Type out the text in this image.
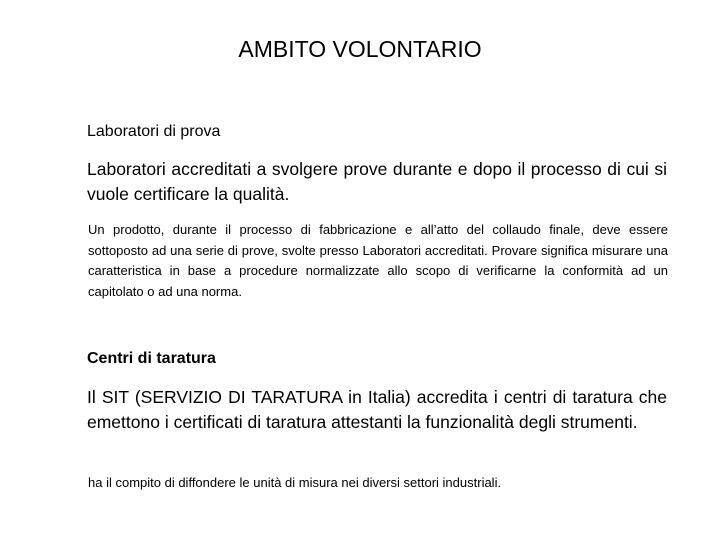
AMBITO VOLONTARIO
Laboratori di prova

Laboratori accreditati a svolgere prove durante e dopo il processo di cui si vuole certificare la qualità.

Un prodotto, durante il processo di fabbricazione e all’atto del collaudo finale, deve essere sottoposto ad una serie di prove, svolte presso Laboratori accreditati. Provare significa misurare una caratteristica in base a procedure normalizzate allo scopo di verificarne la conformità ad un capitolato o ad una norma.

Centri di taratura

Il SIT (SERVIZIO DI TARATURA in Italia) accredita i centri di taratura che emettono i certificati di taratura attestanti la funzionalità degli strumenti.

ha il compito di diffondere le unità di misura nei diversi settori industriali.
